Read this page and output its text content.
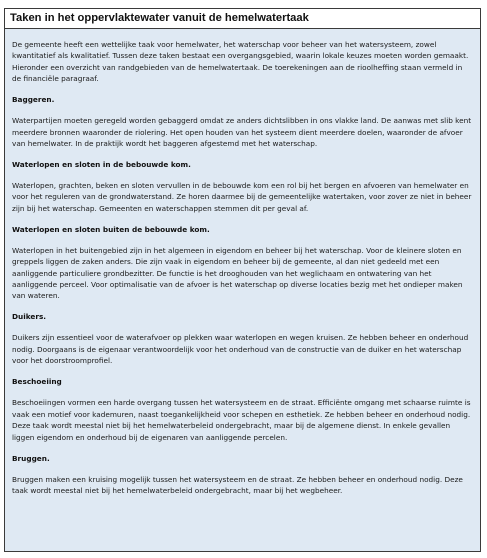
Taken in het oppervlaktewater vanuit de hemelwatertaak

De gemeente heeft een wettelijke taak voor hemelwater, het waterschap voor beheer van het watersysteem, zowel kwantitatief als kwalitatief. Tussen deze taken bestaat een overgangsgebied, waarin lokale keuzes moeten worden gemaakt. Hieronder een overzicht van randgebieden van de hemelwatertaak. De toerekeningen aan de rioolheffing staan vermeld in de financiële paragraaf.

Baggeren.

Waterpartijen moeten geregeld worden gebaggerd omdat ze anders dichtslibben in ons vlakke land. De aanwas met slib kent meerdere bronnen waaronder de riolering. Het open houden van het systeem dient meerdere doelen, waaronder de afvoer van hemelwater. In de praktijk wordt het baggeren afgestemd met het waterschap.

Waterlopen en sloten in de bebouwde kom.

Waterlopen, grachten, beken en sloten vervullen in de bebouwde kom een rol bij het bergen en afvoeren van hemelwater en voor het reguleren van de grondwaterstand. Ze horen daarmee bij de gemeentelijke watertaken, voor zover ze niet in beheer zijn bij het waterschap. Gemeenten en waterschappen stemmen dit per geval af.

Waterlopen en sloten buiten de bebouwde kom.

Waterlopen in het buitengebied zijn in het algemeen in eigendom en beheer bij het waterschap. Voor de kleinere sloten en greppels liggen de zaken anders. Die zijn vaak in eigendom en beheer bij de gemeente, al dan niet gedeeld met een aanliggende particuliere grondbezitter. De functie is het drooghouden van het weglichaam en ontwatering van het aanliggende perceel. Voor optimalisatie van de afvoer is het waterschap op diverse locaties bezig met het ondieper maken van wateren.

Duikers.

Duikers zijn essentieel voor de waterafvoer op plekken waar waterlopen en wegen kruisen. Ze hebben beheer en onderhoud nodig. Doorgaans is de eigenaar verantwoordelijk voor het onderhoud van de constructie van de duiker en het waterschap voor het doorstroomprofiel.

Beschoeiing

Beschoeiingen vormen een harde overgang tussen het watersysteem en de straat. Efficiënte omgang met schaarse ruimte is vaak een motief voor kademuren, naast toegankelijkheid voor schepen en esthetiek. Ze hebben beheer en onderhoud nodig. Deze taak wordt meestal niet bij het hemelwaterbeleid ondergebracht, maar bij de algemene dienst. In enkele gevallen liggen eigendom en onderhoud bij de eigenaren van aanliggende percelen.

Bruggen.

Bruggen maken een kruising mogelijk tussen het watersysteem en de straat. Ze hebben beheer en onderhoud nodig. Deze taak wordt meestal niet bij het hemelwaterbeleid ondergebracht, maar bij het wegbeheer.
